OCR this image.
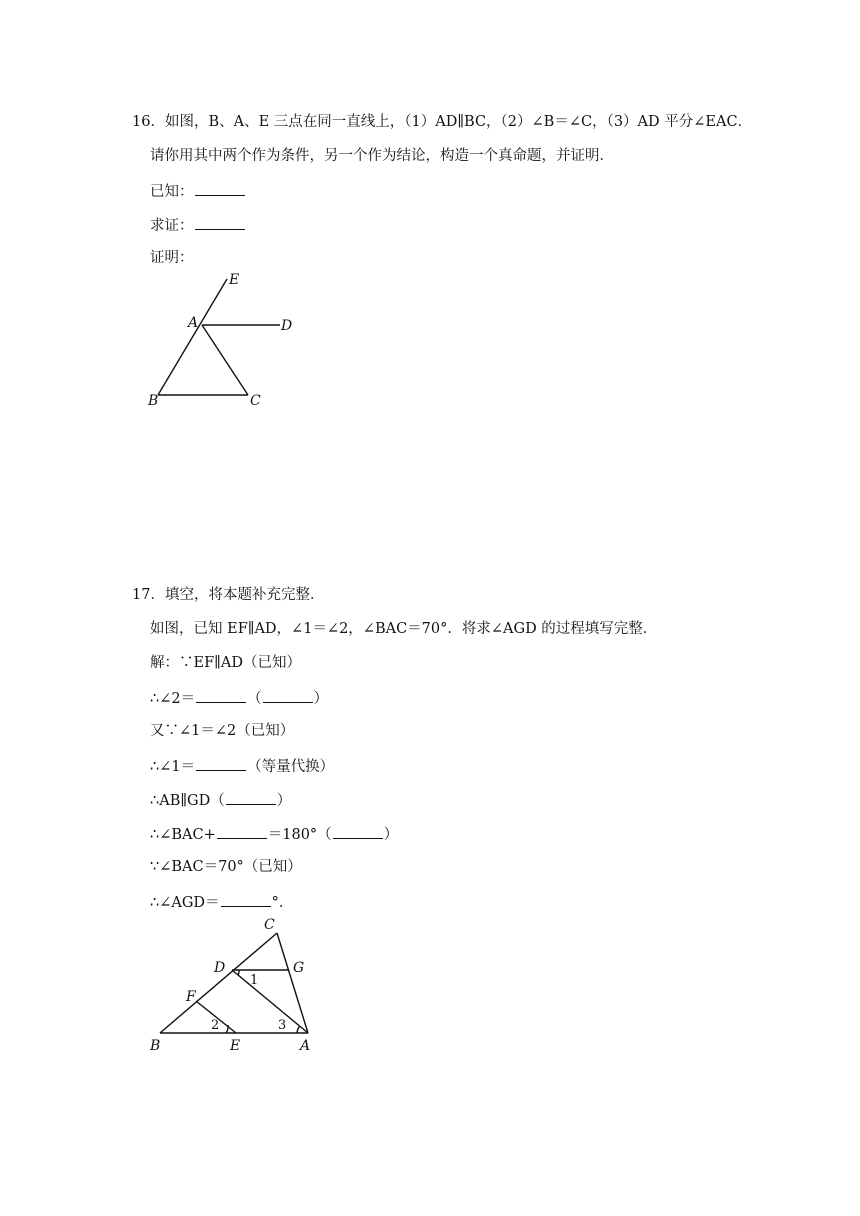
16．如图，B、A、E 三点在同一直线上，（1）AD∥BC，（2）∠B＝∠C，（3）AD 平分∠EAC．
请你用其中两个作为条件，另一个作为结论，构造一个真命题，并证明．
已知：
求证：
证明：
E
A	D
B	C
17．填空，将本题补充完整．
如图，已知 EF∥AD，∠1＝∠2，∠BAC＝70°．将求∠AGD 的过程填写完整．
解：∵EF∥AD（已知）
∴∠2＝	（	）
又∵∠1＝∠2（已知）
∴∠1＝	（等量代换）
∴AB∥GD（	）
∴∠BAC+	＝180°（	）
∵∠BAC＝70°（已知）
∴∠AGD＝	°．
C
D	G
F
B	E	A
1
2	3
